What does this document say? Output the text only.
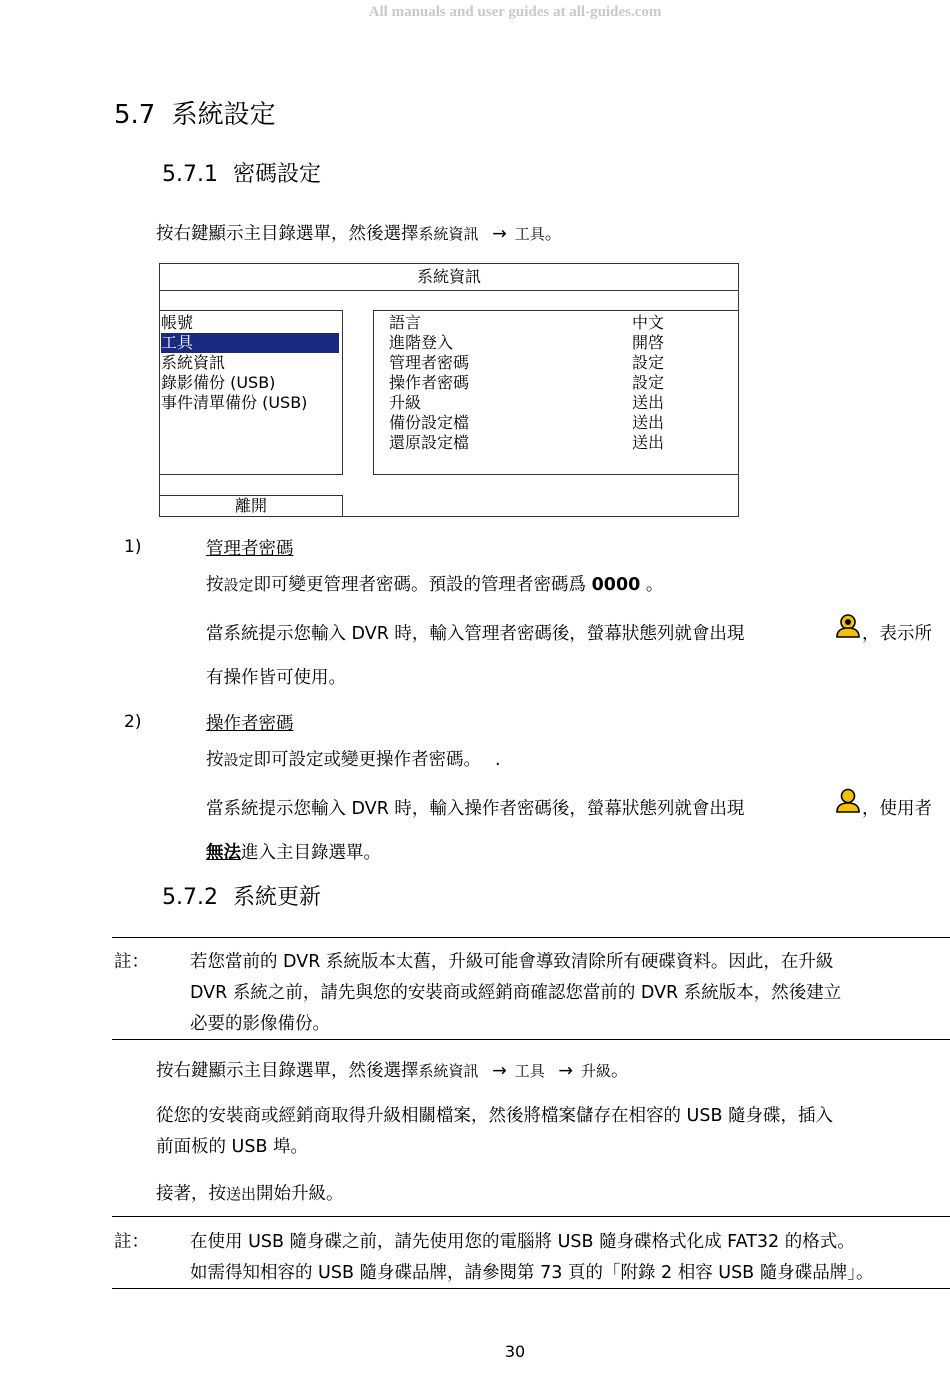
All manuals and user guides at all-guides.com
5.7 系統設定
5.7.1 密碼設定
按右鍵顯示主目錄選單，然後選擇系統資訊 → 工具。
系統資訊
帳號
工具
系統資訊
錄影備份 (USB)
事件清單備份 (USB)
語言	中文
進階登入	開啓
管理者密碼	設定
操作者密碼	設定
升級	送出
備份設定檔	送出
還原設定檔	送出
離開
1)	管理者密碼
按設定即可變更管理者密碼。預設的管理者密碼爲 0000 。
當系統提示您輸入 DVR 時，輸入管理者密碼後，螢幕狀態列就會出現	，表示所
有操作皆可使用。
2)	操作者密碼
按設定即可設定或變更操作者密碼。 .
當系統提示您輸入 DVR 時，輸入操作者密碼後，螢幕狀態列就會出現	，使用者
無法進入主目錄選單。
5.7.2 系統更新
註： 若您當前的 DVR 系統版本太舊，升級可能會導致清除所有硬碟資料。因此，在升級
DVR 系統之前，請先與您的安裝商或經銷商確認您當前的 DVR 系統版本，然後建立
必要的影像備份。
按右鍵顯示主目錄選單，然後選擇系統資訊 → 工具 → 升級。
從您的安裝商或經銷商取得升級相關檔案，然後將檔案儲存在相容的 USB 隨身碟，插入
前面板的 USB 埠。
接著，按送出開始升級。
註： 在使用 USB 隨身碟之前，請先使用您的電腦將 USB 隨身碟格式化成 FAT32 的格式。
如需得知相容的 USB 隨身碟品牌，請參閱第 73 頁的「附錄 2 相容 USB 隨身碟品牌」。
30
